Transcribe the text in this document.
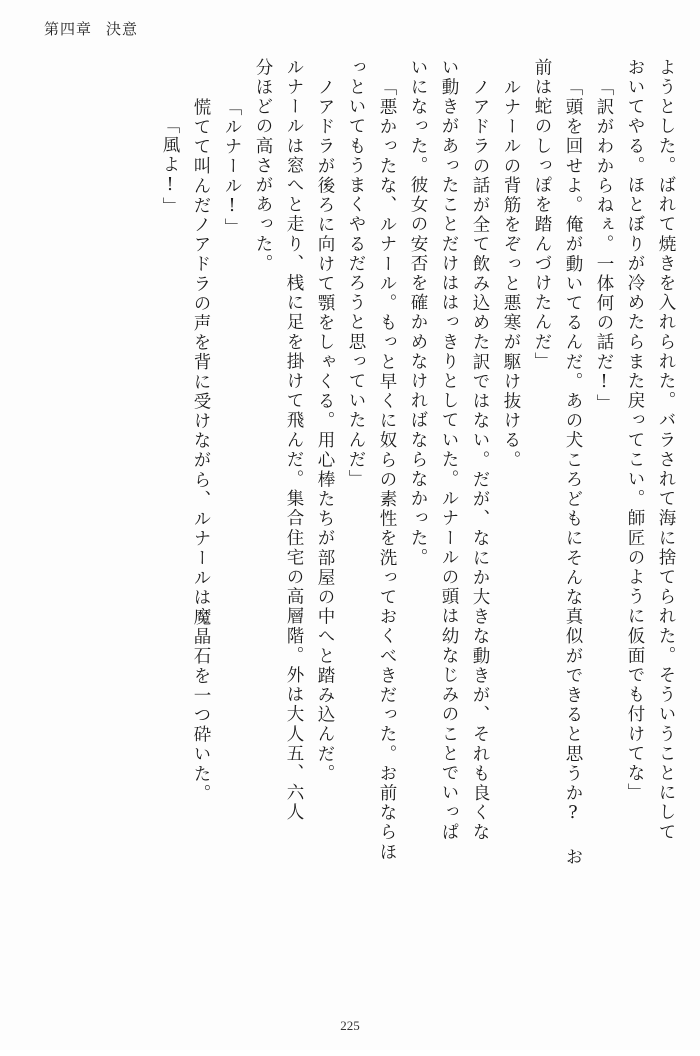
第四章 決意
ようとした。ばれて焼きを入れられた。バラされて海に捨てられた。そういうことにして
おいてやる。ほとぼりが冷めたらまた戻ってこい。師匠のように仮面でも付けてな」
「訳がわからねぇ。一体何の話だ!」
「頭を回せよ。俺が動いてるんだ。あの犬ころどもにそんな真似ができると思うか? お
前は蛇のしっぽを踏んづけたんだ」
ルナールの背筋をぞっと悪寒が駆け抜ける。
ノアドラの話が全て飲み込めた訳ではない。だが、なにか大きな動きが、それも良くな
い動きがあったことだけははっきりとしていた。ルナールの頭は幼なじみのことでいっぱ
いになった。彼女の安否を確かめなければならなかった。
「悪かったな、ルナール。もっと早くに奴らの素性を洗っておくべきだった。お前ならほ
っといてもうまくやるだろうと思っていたんだ」
ノアドラが後ろに向けて顎をしゃくる。用心棒たちが部屋の中へと踏み込んだ。
ルナールは窓へと走り、桟に足を掛けて飛んだ。集合住宅の高層階。外は大人五、六人
分ほどの高さがあった。
「ルナール!」
慌てて叫んだノアドラの声を背に受けながら、ルナールは魔晶石を一つ砕いた。
「風よ!」
225
